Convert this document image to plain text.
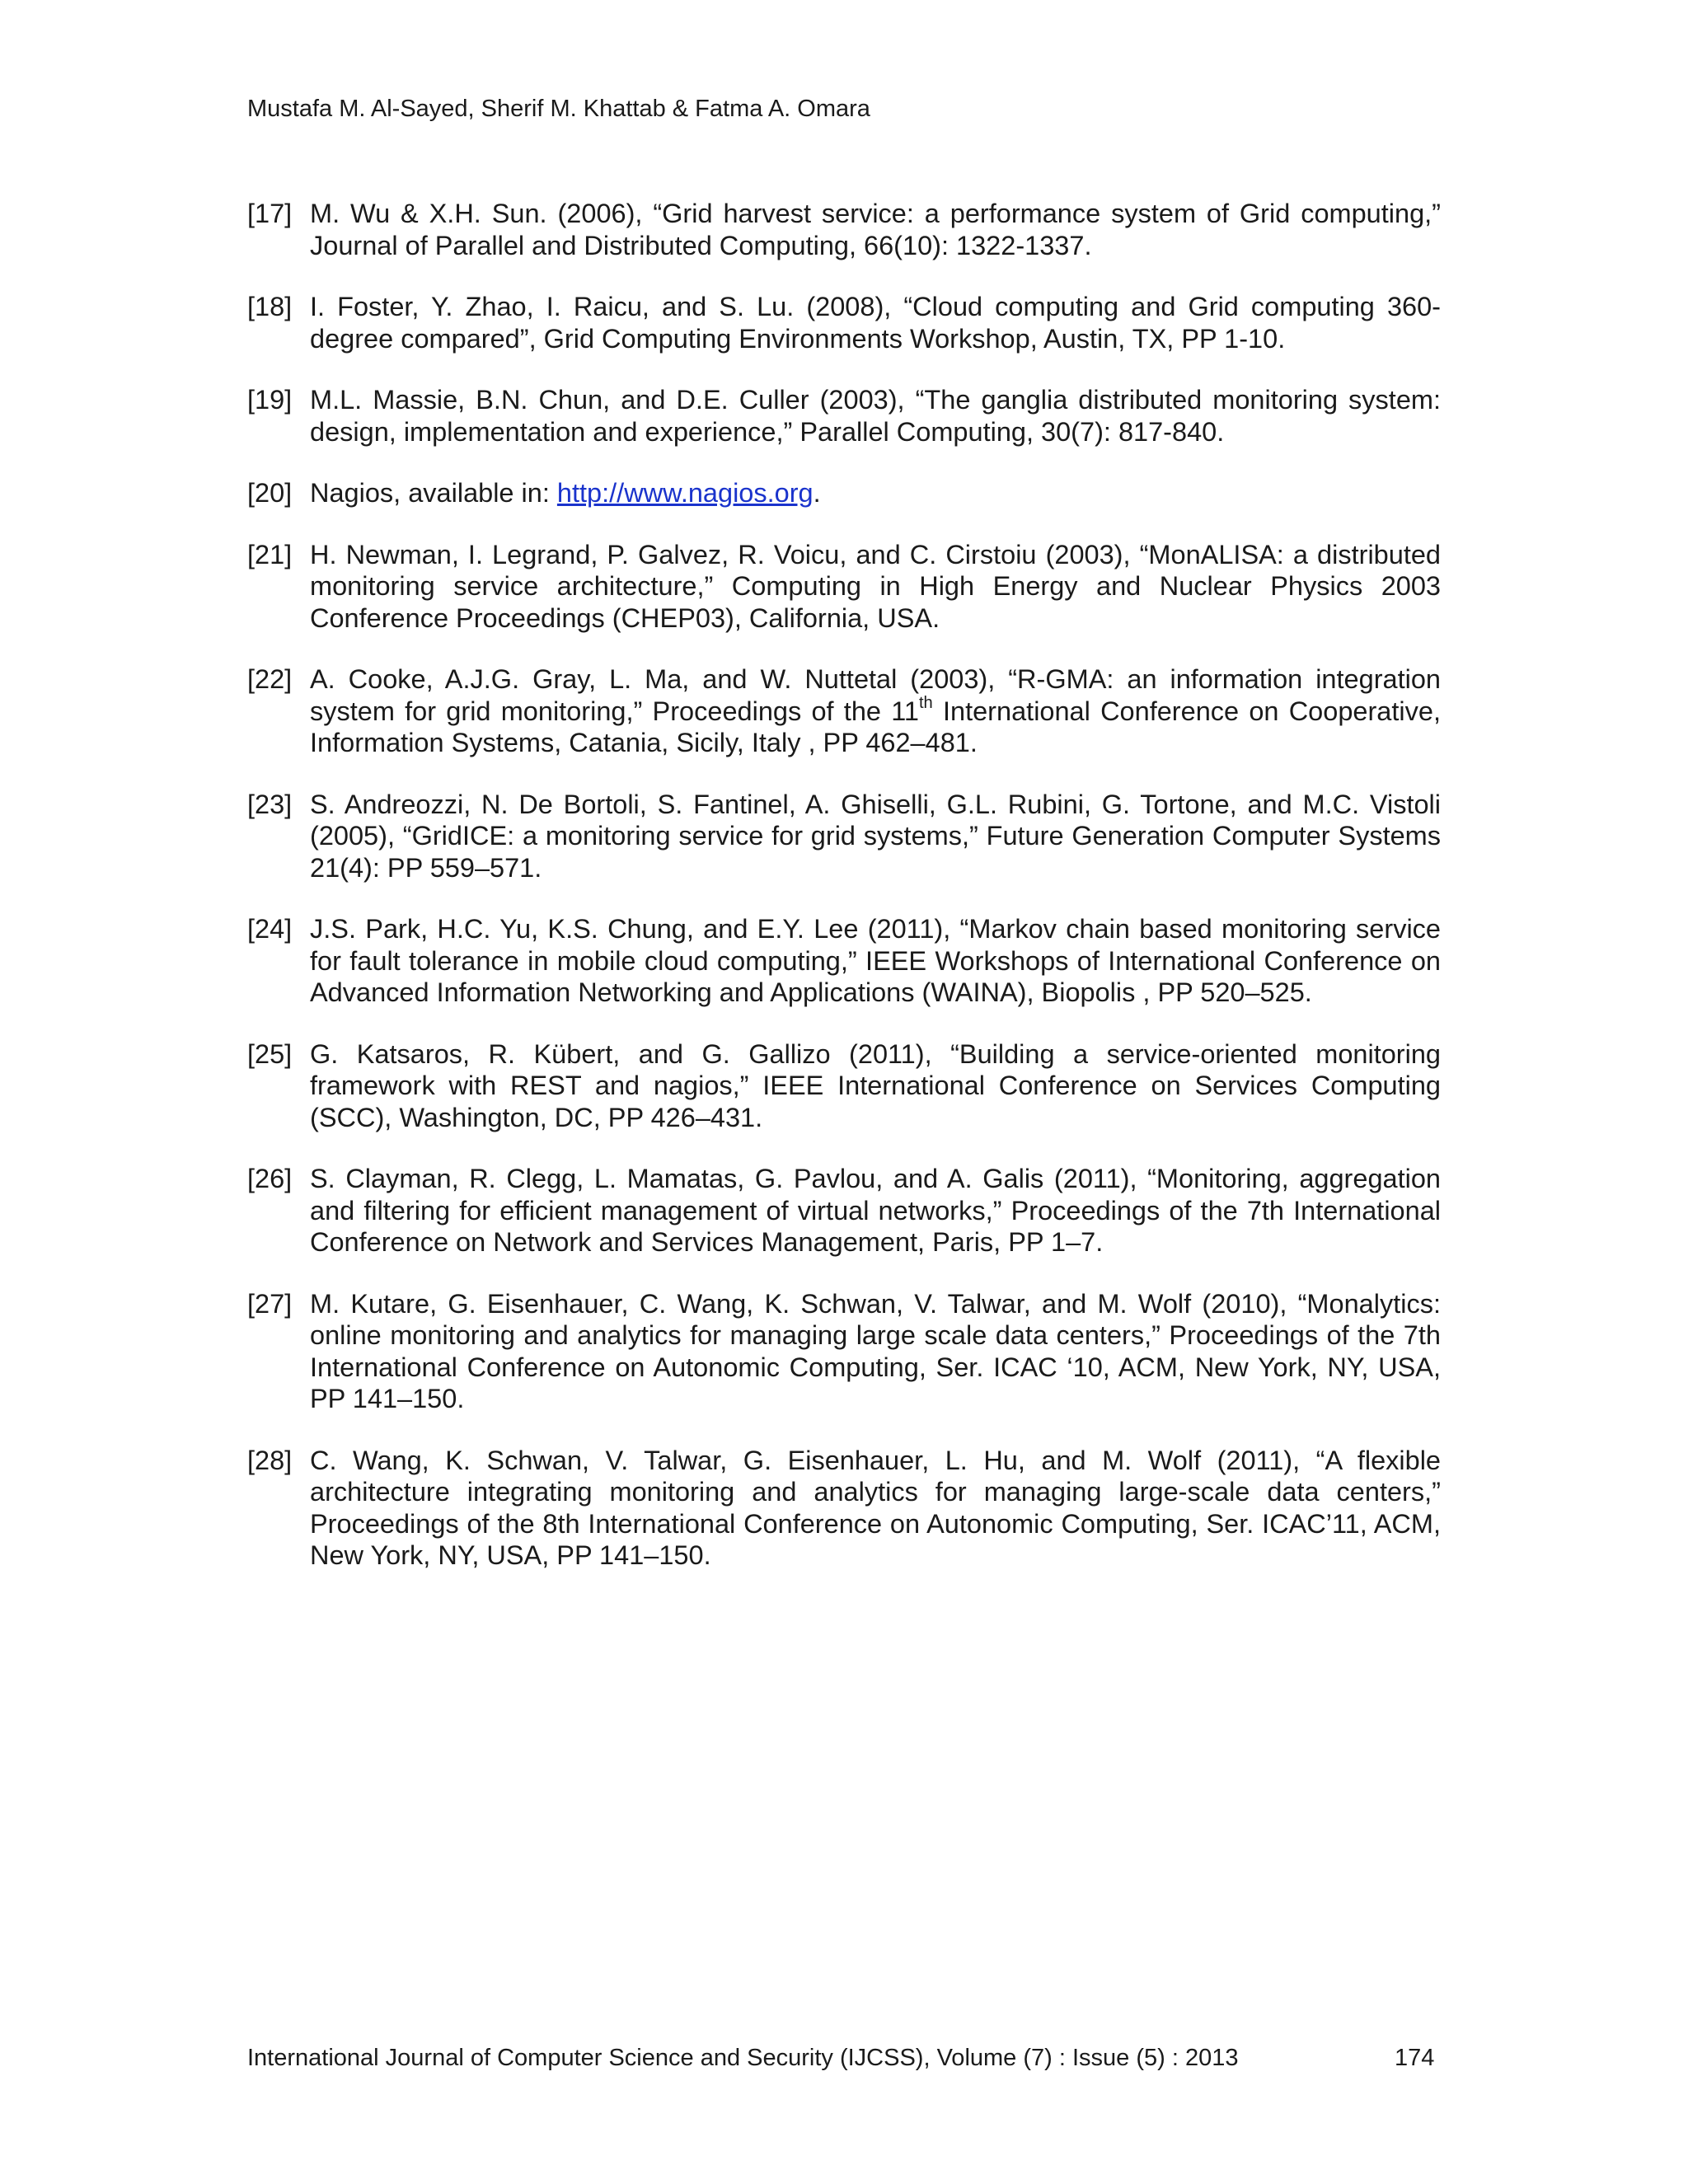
Mustafa M. Al-Sayed, Sherif M. Khattab & Fatma A. Omara
[17] M. Wu & X.H. Sun. (2006), “Grid harvest service: a performance system of Grid computing,” Journal of Parallel and Distributed Computing, 66(10): 1322-1337.
[18] I. Foster, Y. Zhao, I. Raicu, and S. Lu. (2008), “Cloud computing and Grid computing 360-degree compared”, Grid Computing Environments Workshop, Austin, TX, PP 1-10.
[19] M.L. Massie, B.N. Chun, and D.E. Culler (2003), “The ganglia distributed monitoring system: design, implementation and experience,” Parallel Computing, 30(7): 817-840.
[20] Nagios, available in: http://www.nagios.org.
[21] H. Newman, I. Legrand, P. Galvez, R. Voicu, and C. Cirstoiu (2003), “MonALISA: a distributed monitoring service architecture,” Computing in High Energy and Nuclear Physics 2003 Conference Proceedings (CHEP03), California, USA.
[22] A. Cooke, A.J.G. Gray, L. Ma, and W. Nuttetal (2003), “R-GMA: an information integration system for grid monitoring,” Proceedings of the 11th International Conference on Cooperative, Information Systems, Catania, Sicily, Italy , PP 462–481.
[23] S. Andreozzi, N. De Bortoli, S. Fantinel, A. Ghiselli, G.L. Rubini, G. Tortone, and M.C. Vistoli (2005), “GridICE: a monitoring service for grid systems,” Future Generation Computer Systems 21(4): PP 559–571.
[24] J.S. Park, H.C. Yu, K.S. Chung, and E.Y. Lee (2011), “Markov chain based monitoring service for fault tolerance in mobile cloud computing,” IEEE Workshops of International Conference on Advanced Information Networking and Applications (WAINA), Biopolis , PP 520–525.
[25] G. Katsaros, R. Kübert, and G. Gallizo (2011), “Building a service-oriented monitoring framework with REST and nagios,” IEEE International Conference on Services Computing (SCC), Washington, DC, PP 426–431.
[26] S. Clayman, R. Clegg, L. Mamatas, G. Pavlou, and A. Galis (2011), “Monitoring, aggregation and filtering for efficient management of virtual networks,” Proceedings of the 7th International Conference on Network and Services Management, Paris, PP 1–7.
[27] M. Kutare, G. Eisenhauer, C. Wang, K. Schwan, V. Talwar, and M. Wolf (2010), “Monalytics: online monitoring and analytics for managing large scale data centers,” Proceedings of the 7th International Conference on Autonomic Computing, Ser. ICAC ‘10, ACM, New York, NY, USA, PP 141–150.
[28] C. Wang, K. Schwan, V. Talwar, G. Eisenhauer, L. Hu, and M. Wolf (2011), “A flexible architecture integrating monitoring and analytics for managing large-scale data centers,” Proceedings of the 8th International Conference on Autonomic Computing, Ser. ICAC’11, ACM, New York, NY, USA, PP 141–150.
International Journal of Computer Science and Security (IJCSS), Volume (7) : Issue (5) : 2013	174
